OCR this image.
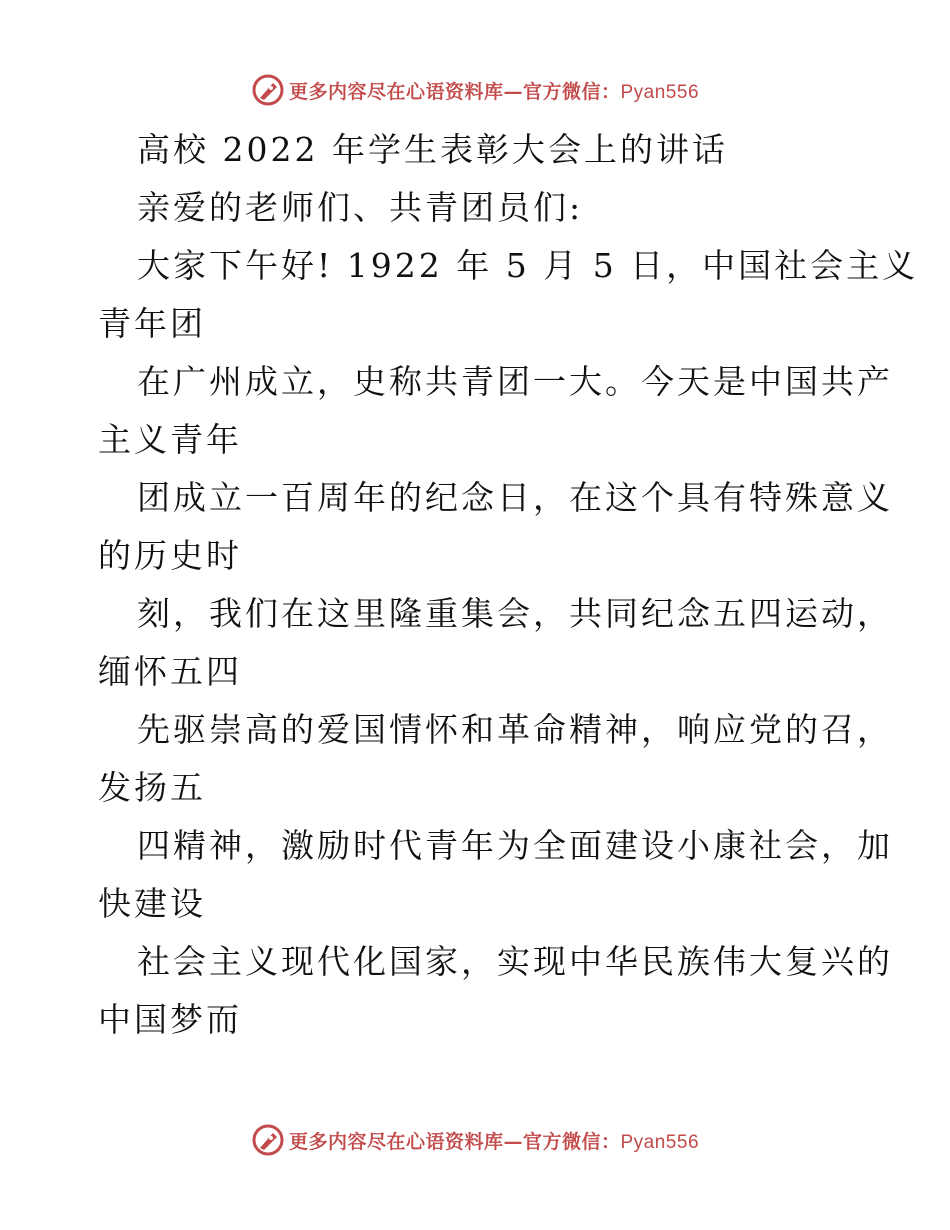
更多内容尽在心语资料库—官方微信：Pyan556
高校 2022 年学生表彰大会上的讲话
亲爱的老师们、共青团员们:
大家下午好! 1922 年 5 月 5 日，中国社会主义
青年团
在广州成立，史称共青团一大。今天是中国共产
主义青年
团成立一百周年的纪念日，在这个具有特殊意义
的历史时
刻，我们在这里隆重集会，共同纪念五四运动，
缅怀五四
先驱崇高的爱国情怀和革命精神，响应党的召，
发扬五
四精神，激励时代青年为全面建设小康社会，加
快建设
社会主义现代化国家，实现中华民族伟大复兴的
中国梦而
更多内容尽在心语资料库—官方微信：Pyan556
